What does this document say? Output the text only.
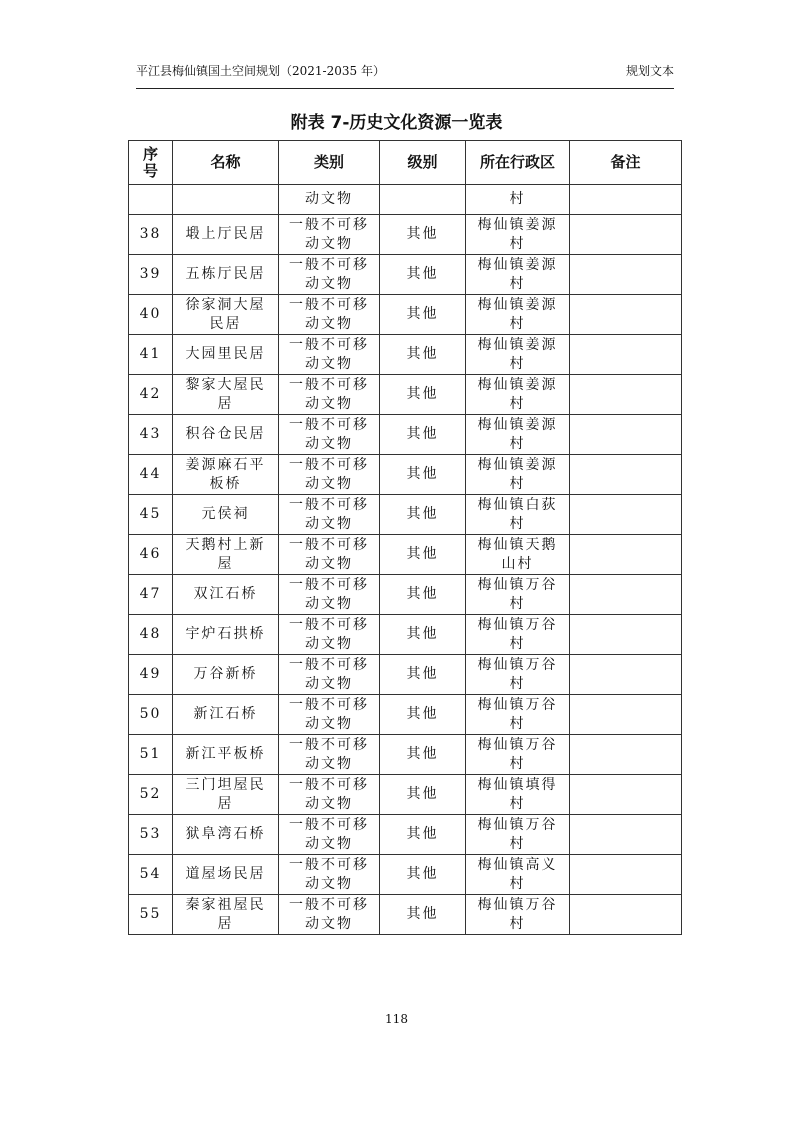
平江县梅仙镇国土空间规划（2021-2035 年）	规划文本
附表 7-历史文化资源一览表
序号	名称	类别	级别	所在行政区	备注
		动文物		村	
38	塅上厅民居	一般不可移动文物	其他	梅仙镇姜源村	

39	五栋厅民居	一般不可移动文物	其他	梅仙镇姜源村	

40	徐家洞大屋民居	一般不可移动文物	其他	梅仙镇姜源村	

41	大园里民居	一般不可移动文物	其他	梅仙镇姜源村	

42	黎家大屋民居	一般不可移动文物	其他	梅仙镇姜源村	

43	积谷仓民居	一般不可移动文物	其他	梅仙镇姜源村	

44	姜源麻石平板桥	一般不可移动文物	其他	梅仙镇姜源村	

45	元侯祠	一般不可移动文物	其他	梅仙镇白荻村	

46	天鹅村上新屋	一般不可移动文物	其他	梅仙镇天鹅山村	

47	双江石桥	一般不可移动文物	其他	梅仙镇万谷村	

48	宇炉石拱桥	一般不可移动文物	其他	梅仙镇万谷村	

49	万谷新桥	一般不可移动文物	其他	梅仙镇万谷村	

50	新江石桥	一般不可移动文物	其他	梅仙镇万谷村	

51	新江平板桥	一般不可移动文物	其他	梅仙镇万谷村	

52	三门坦屋民居	一般不可移动文物	其他	梅仙镇填得村	

53	狱阜湾石桥	一般不可移动文物	其他	梅仙镇万谷村	

54	道屋场民居	一般不可移动文物	其他	梅仙镇高义村	

55	秦家祖屋民居	一般不可移动文物	其他	梅仙镇万谷村	

118
